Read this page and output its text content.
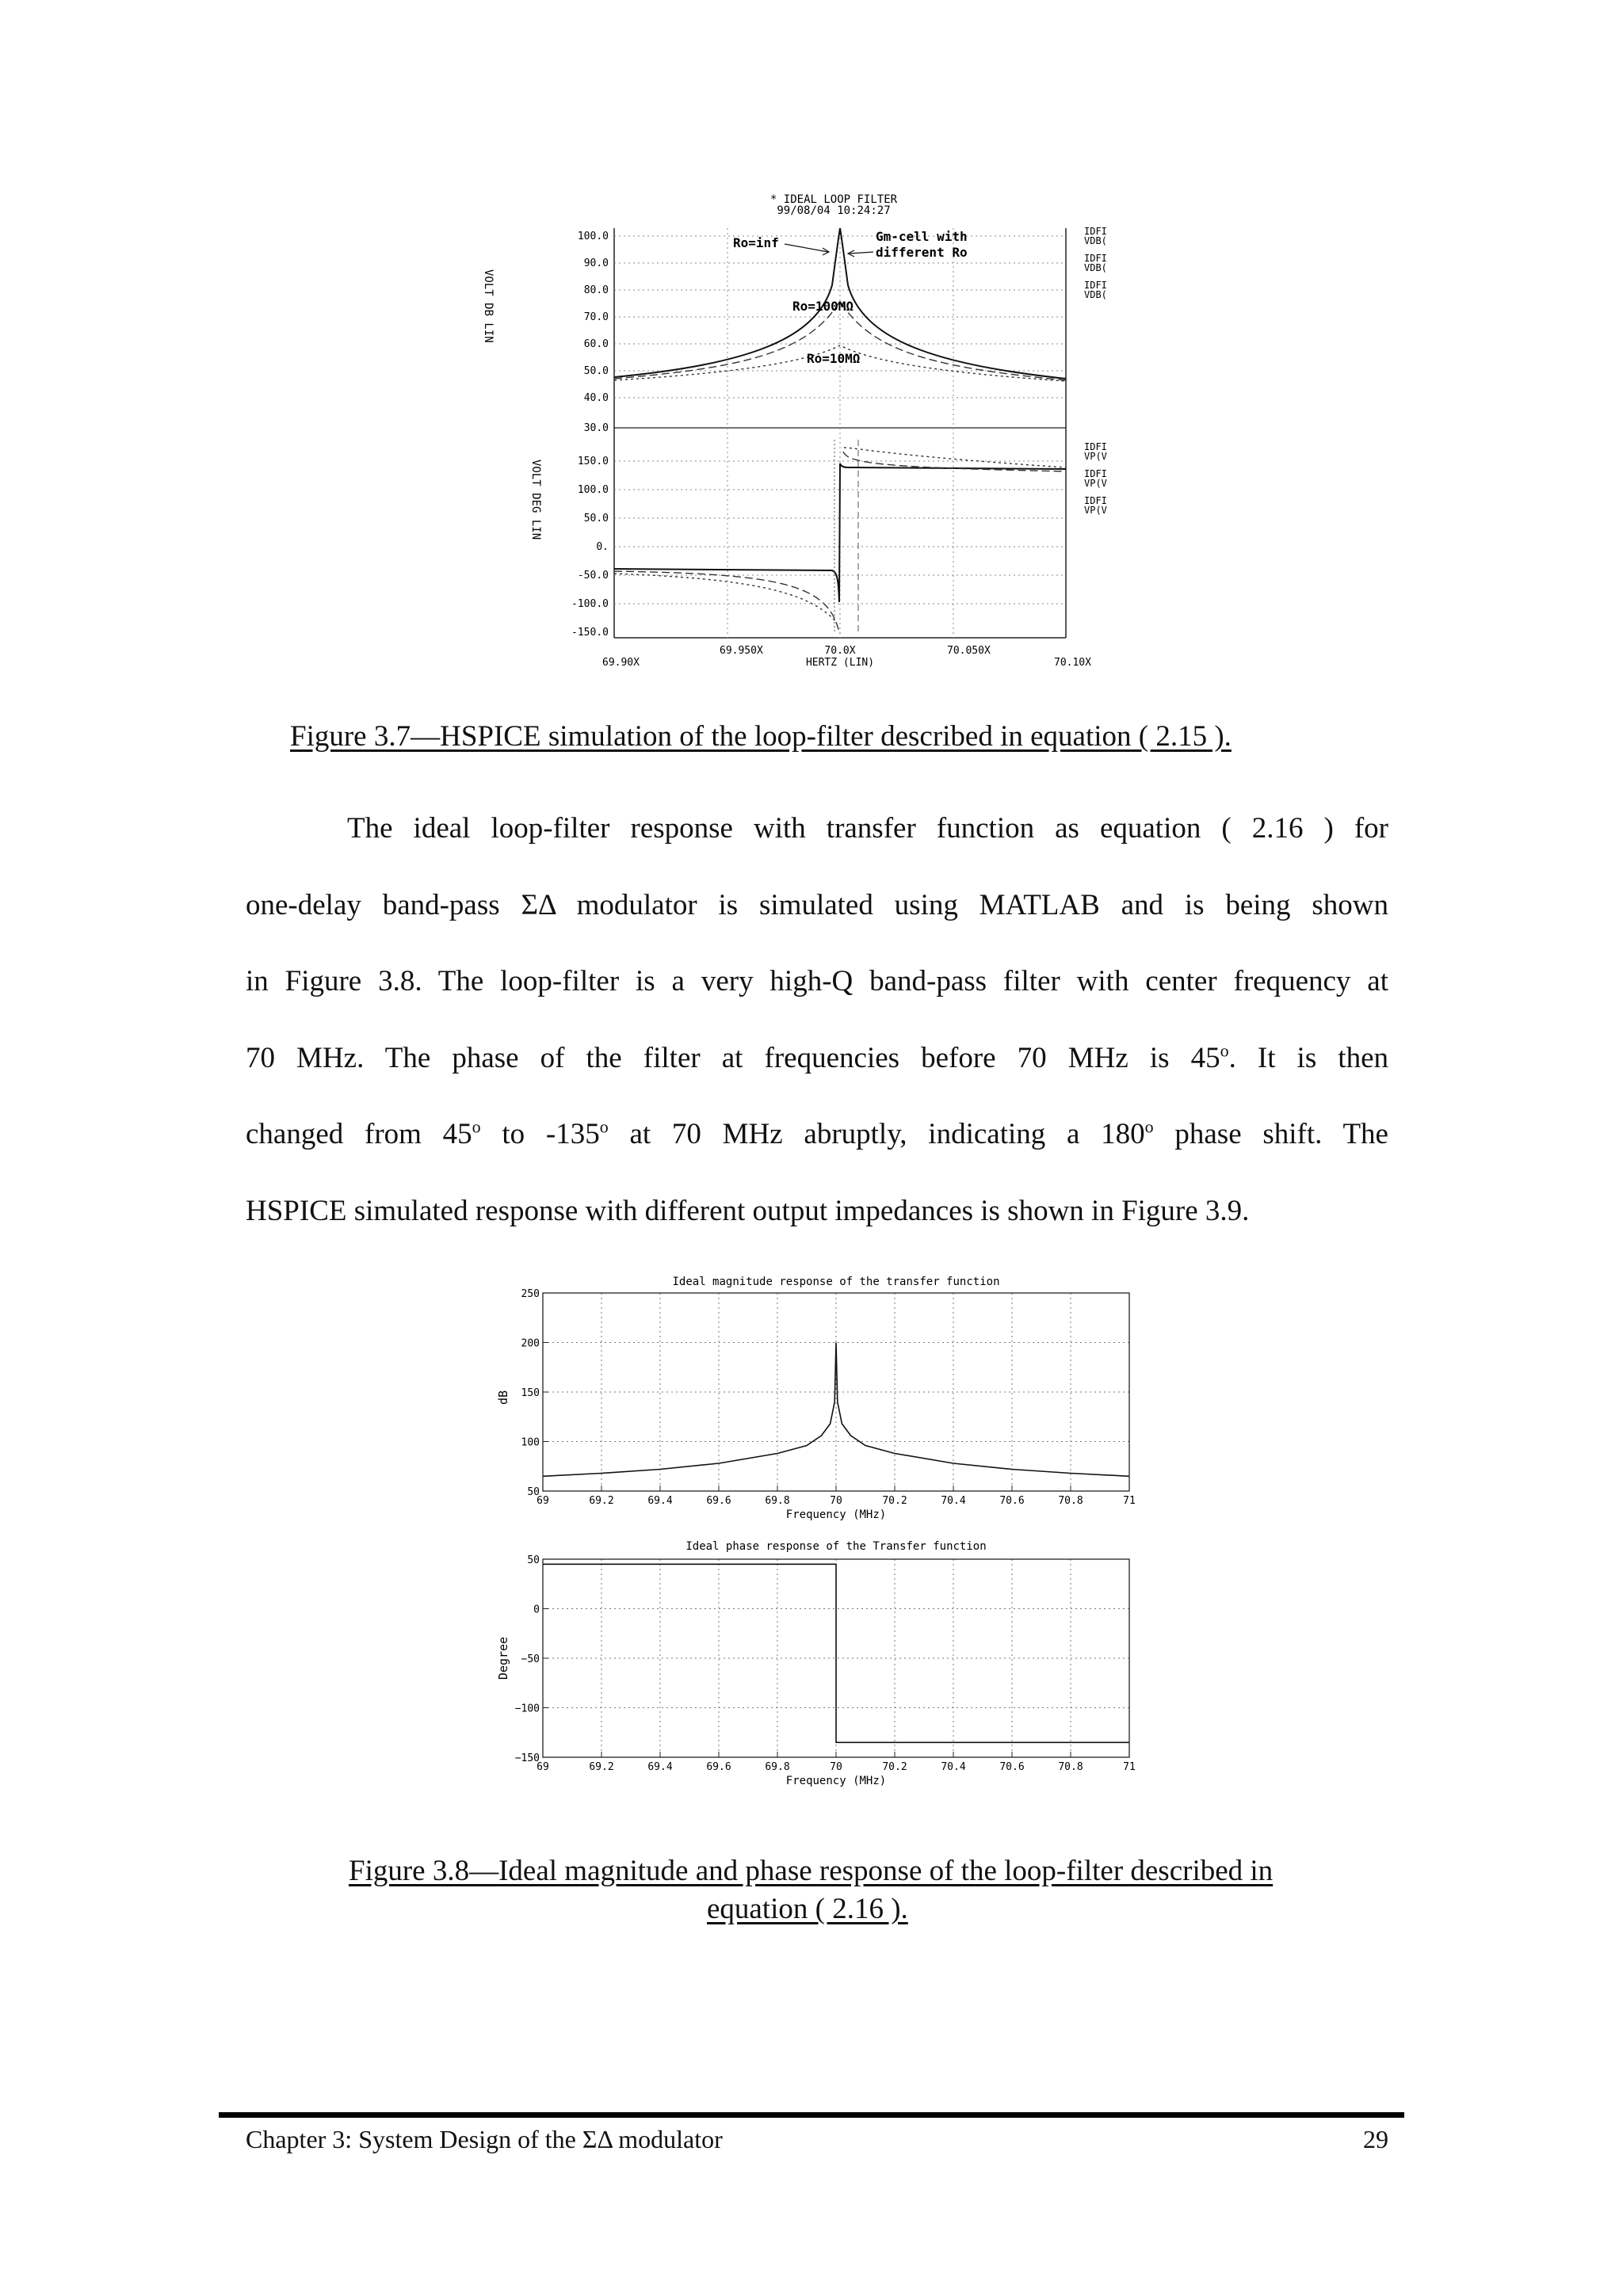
* IDEAL LOOP FILTER
99/08/04 10:24:27
VOLT DB LIN
VOLT DEG LIN
100.0
90.0
80.0
70.0
60.0
50.0
40.0
30.0
150.0
100.0
50.0
0.
-50.0
-100.0
-150.0
69.90X
69.950X	70.0X	70.050X
70.10X
HERTZ (LIN)
Ro=inf	Gm-cell with
different Ro
Ro=100MΩ
Ro=10MΩ
IDFI
VDB(
IDFI
VDB(
IDFI
VDB(
IDFI
VP(V
IDFI
VP(V
IDFI
VP(V
Figure 3.7—HSPICE simulation of the loop-filter described in equation ( 2.15 ).
The ideal loop-filter response with transfer function as equation ( 2.16 ) for
one-delay band-pass ΣΔ modulator is simulated using MATLAB and is being shown
in Figure 3.8. The loop-filter is a very high-Q band-pass filter with center frequency at
70 MHz. The phase of the filter at frequencies before 70 MHz is 45$^o$. It is then
changed from 45$^o$ to -135$^o$ at 70 MHz abruptly, indicating a 180$^o$ phase shift. The
HSPICE simulated response with different output impedances is shown in Figure 3.9.
Ideal magnitude response of the transfer function
dB
Frequency (MHz)
69	69.2	69.4	69.6	69.8	70	70.2	70.4	70.6	70.8	71
250
200
150
100
50
Ideal phase response of the Transfer function
Degree
Frequency (MHz)
69	69.2	69.4	69.6	69.8	70	70.2	70.4	70.6	70.8	71
50
0
−50
−100
−150
Figure 3.8—Ideal magnitude and phase response of the loop-filter described in
equation ( 2.16 ).
Chapter 3: System Design of the ΣΔ modulator	29
